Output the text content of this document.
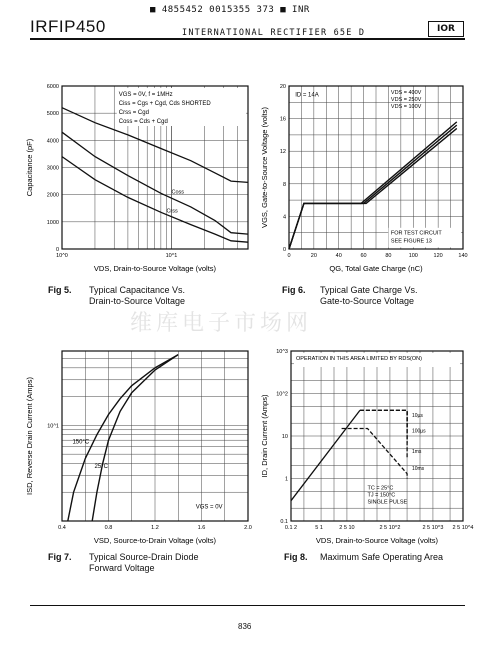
■ 4855452 0015355 373 ■ INR
IRFIP450	INTERNATIONAL RECTIFIER 65E D	IOR
0
1000
2000
3000
4000
5000
6000
10^0	10^1
Coss
Crss
VGS = 0V, f = 1MHz
Ciss = Cgs + Cgd, Cds SHORTED
Crss = Cgd
Coss = Cds + Cgd
Capacitance (pF)
VDS, Drain-to-Source Voltage (volts)
Fig 5. Typical Capacitance Vs.
Drain-to-Source Voltage
0	20	40	60	80	100	120	140
0
4
8
12
16
20
ID = 14A	VDS = 400V
VDS = 250V
VDS = 100V
FOR TEST CIRCUIT
SEE FIGURE 13
VGS, Gate-to-Source Voltage (volts)
QG, Total Gate Charge (nC)
Fig 6. Typical Gate Charge Vs.
Gate-to-Source Voltage
维库电子市场网
0.4	0.8	1.2	1.6	2.0
10^1
150°C
25°C
VGS = 0V
ISD, Reverse Drain Current (Amps)
VSD, Source-to-Drain Voltage (volts)
Fig 7. Typical Source-Drain Diode
Forward Voltage
0.1 2	5 1	2 5 10	2 5 10^2	2 5 10^3 2 5 10^4
10^3
10^2
10
1
0.1
OPERATION IN THIS AREA LIMITED BY RDS(ON)
10µs
100µs
1ms
10ms
TC = 25°C
TJ = 150°C
SINGLE PULSE
ID, Drain Current (Amps)
VDS, Drain-to-Source Voltage (volts)
Fig 8. Maximum Safe Operating Area
836
